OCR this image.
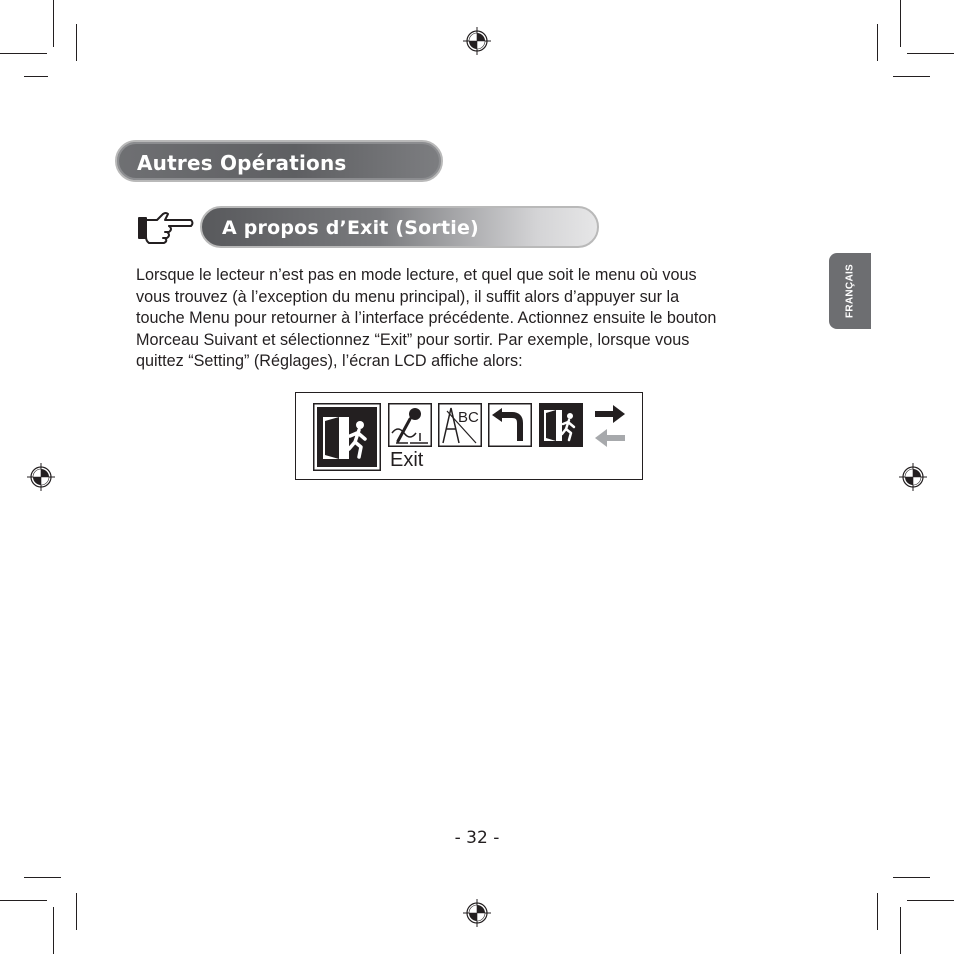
Autres Opérations
A propos d’Exit (Sortie)
Lorsque le lecteur n’est pas en mode lecture, et quel que soit le menu où vous
vous trouvez (à l’exception du menu principal), il suffit alors d’appuyer sur la
touche Menu pour retourner à l’interface précédente. Actionnez ensuite le bouton
Morceau Suivant et sélectionnez “Exit” pour sortir. Par exemple, lorsque vous
quittez “Setting” (Réglages), l’écran LCD affiche alors:
FRANÇAIS
BC
Exit
- 32 -
